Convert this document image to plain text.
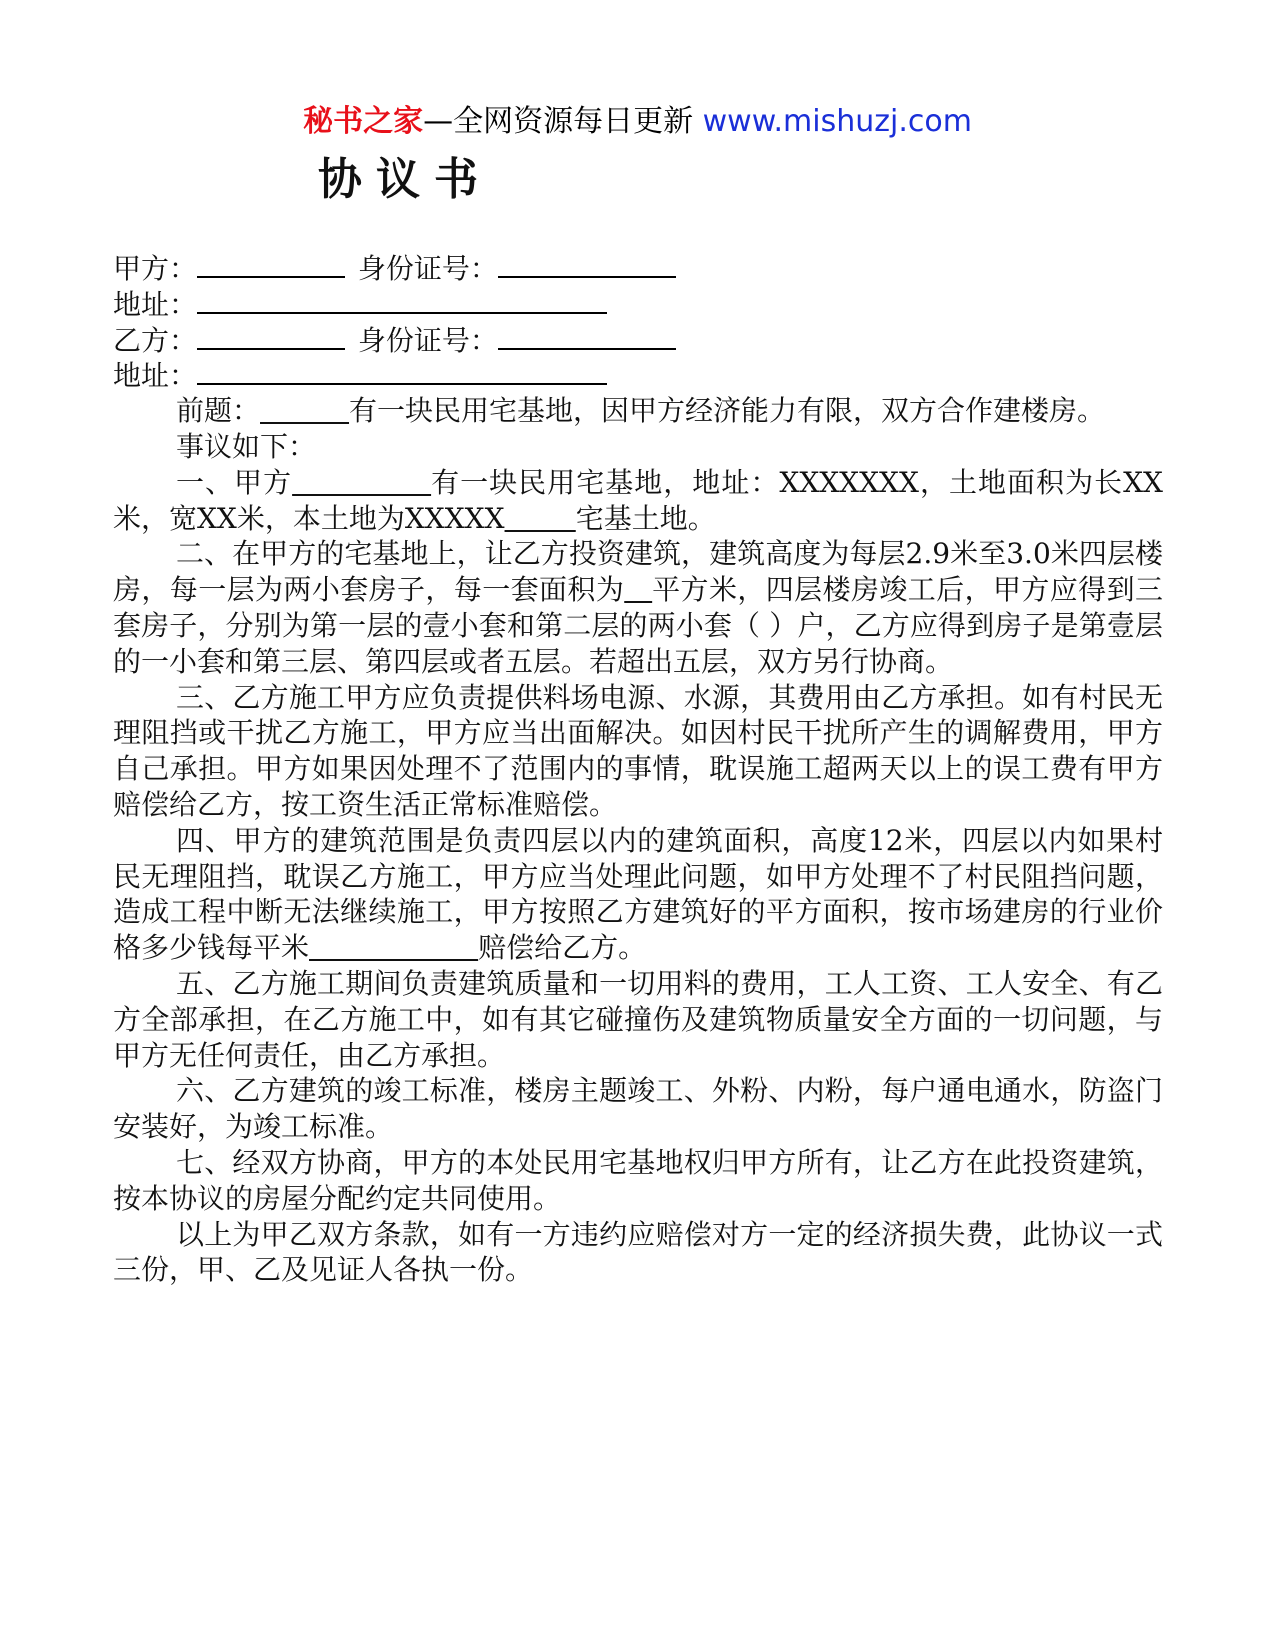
秘书之家—全网资源每日更新 www.mishuzj.com
协议书
甲方：	身份证号：
地址：
乙方：	身份证号：
地址：
前题：	有一块民用宅基地，因甲方经济能力有限，双方合作建楼房。
事议如下：
一、甲方	有一块民用宅基地，地址：XXXXXXX，土地面积为长XX米，宽XX米，本土地为XXXXX	宅基土地。
二、在甲方的宅基地上，让乙方投资建筑，建筑高度为每层2.9米至3.0米四层楼房，每一层为两小套房子，每一套面积为 平方米，四层楼房竣工后，甲方应得到三套房子，分别为第一层的壹小套和第二层的两小套（ ）户，乙方应得到房子是第壹层的一小套和第三层、第四层或者五层。若超出五层，双方另行协商。
三、乙方施工甲方应负责提供料场电源、水源，其费用由乙方承担。如有村民无理阻挡或干扰乙方施工，甲方应当出面解决。如因村民干扰所产生的调解费用，甲方自己承担。甲方如果因处理不了范围内的事情，耽误施工超两天以上的误工费有甲方赔偿给乙方，按工资生活正常标准赔偿。
四、甲方的建筑范围是负责四层以内的建筑面积，高度12米，四层以内如果村民无理阻挡，耽误乙方施工，甲方应当处理此问题，如甲方处理不了村民阻挡问题，造成工程中断无法继续施工，甲方按照乙方建筑好的平方面积，按市场建房的行业价格多少钱每平米	赔偿给乙方。
五、乙方施工期间负责建筑质量和一切用料的费用，工人工资、工人安全、有乙方全部承担，在乙方施工中，如有其它碰撞伤及建筑物质量安全方面的一切问题，与甲方无任何责任，由乙方承担。
六、乙方建筑的竣工标准，楼房主题竣工、外粉、内粉，每户通电通水，防盗门安装好，为竣工标准。
七、经双方协商，甲方的本处民用宅基地权归甲方所有，让乙方在此投资建筑，按本协议的房屋分配约定共同使用。
以上为甲乙双方条款，如有一方违约应赔偿对方一定的经济损失费，此协议一式三份，甲、乙及见证人各执一份。
